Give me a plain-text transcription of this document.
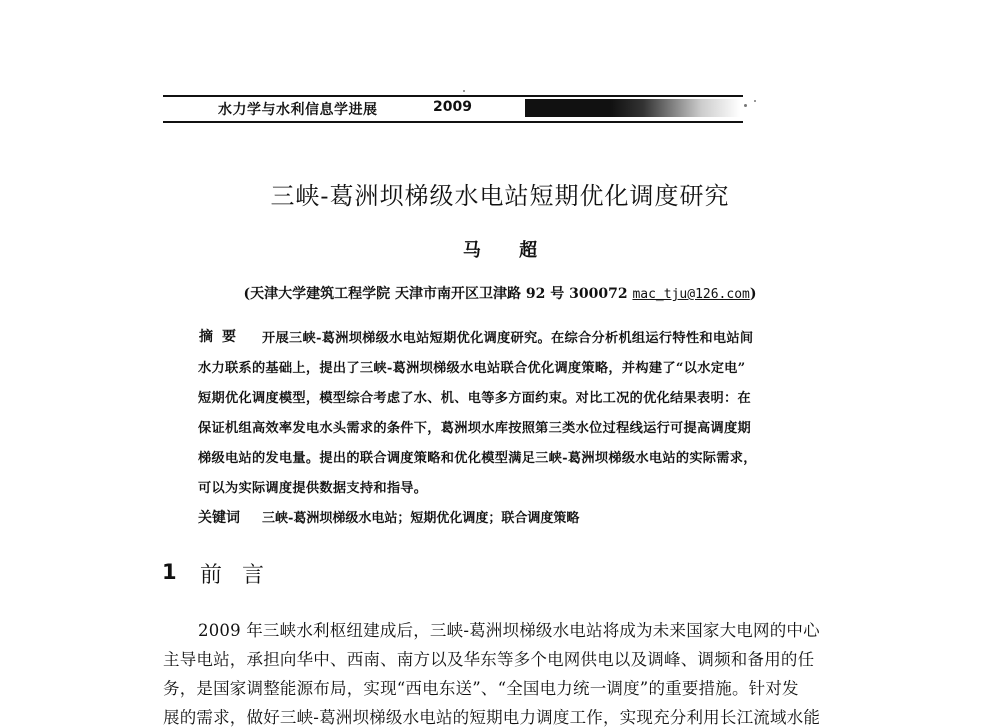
水力学与水利信息学进展	2009
三峡-葛洲坝梯级水电站短期优化调度研究
马 超
(天津大学建筑工程学院 天津市南开区卫津路 92 号 300072 mac_tju@126.com)
摘要 开展三峡-葛洲坝梯级水电站短期优化调度研究。在综合分析机组运行特性和电站间
水力联系的基础上，提出了三峡-葛洲坝梯级水电站联合优化调度策略，并构建了“以水定电”
短期优化调度模型，模型综合考虑了水、机、电等多方面约束。对比工况的优化结果表明：在
保证机组高效率发电水头需求的条件下，葛洲坝水库按照第三类水位过程线运行可提高调度期
梯级电站的发电量。提出的联合调度策略和优化模型满足三峡-葛洲坝梯级水电站的实际需求，
可以为实际调度提供数据支持和指导。
关键词 三峡-葛洲坝梯级水电站；短期优化调度；联合调度策略
1 前言
2009 年三峡水利枢纽建成后，三峡-葛洲坝梯级水电站将成为未来国家大电网的中心
主导电站，承担向华中、西南、南方以及华东等多个电网供电以及调峰、调频和备用的任
务，是国家调整能源布局，实现“西电东送”、“全国电力统一调度”的重要措施。针对发
展的需求，做好三峡-葛洲坝梯级水电站的短期电力调度工作，实现充分利用长江流域水能
